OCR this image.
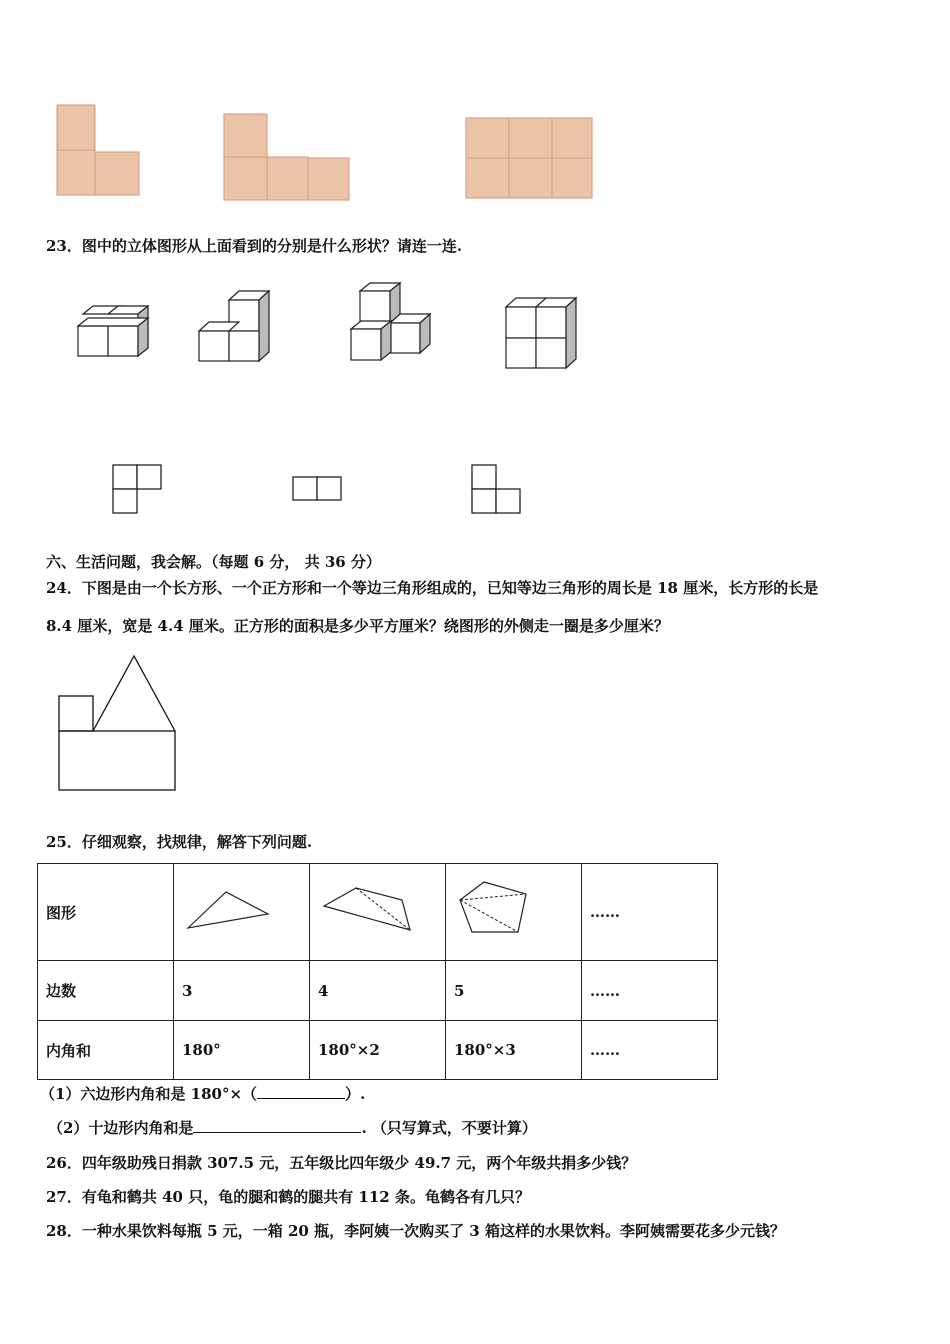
23．图中的立体图形从上面看到的分别是什么形状？请连一连.
六、生活问题，我会解。（每题 6 分， 共 36 分）
24．下图是由一个长方形、一个正方形和一个等边三角形组成的，已知等边三角形的周长是 18 厘米，长方形的长是
8.4 厘米，宽是 4.4 厘米。正方形的面积是多少平方厘米？绕图形的外侧走一圈是多少厘米？
25．仔细观察，找规律，解答下列问题.
图形				……
边数	3	4	5	……
内角和	180°	180°×2	180°×3	……
（1）六边形内角和是 180°×（	）.
（2）十边形内角和是	. （只写算式，不要计算）
26．四年级助残日捐款 307.5 元，五年级比四年级少 49.7 元，两个年级共捐多少钱？
27．有龟和鹤共 40 只，龟的腿和鹤的腿共有 112 条。龟鹤各有几只？
28．一种水果饮料每瓶 5 元，一箱 20 瓶，李阿姨一次购买了 3 箱这样的水果饮料。李阿姨需要花多少元钱？
